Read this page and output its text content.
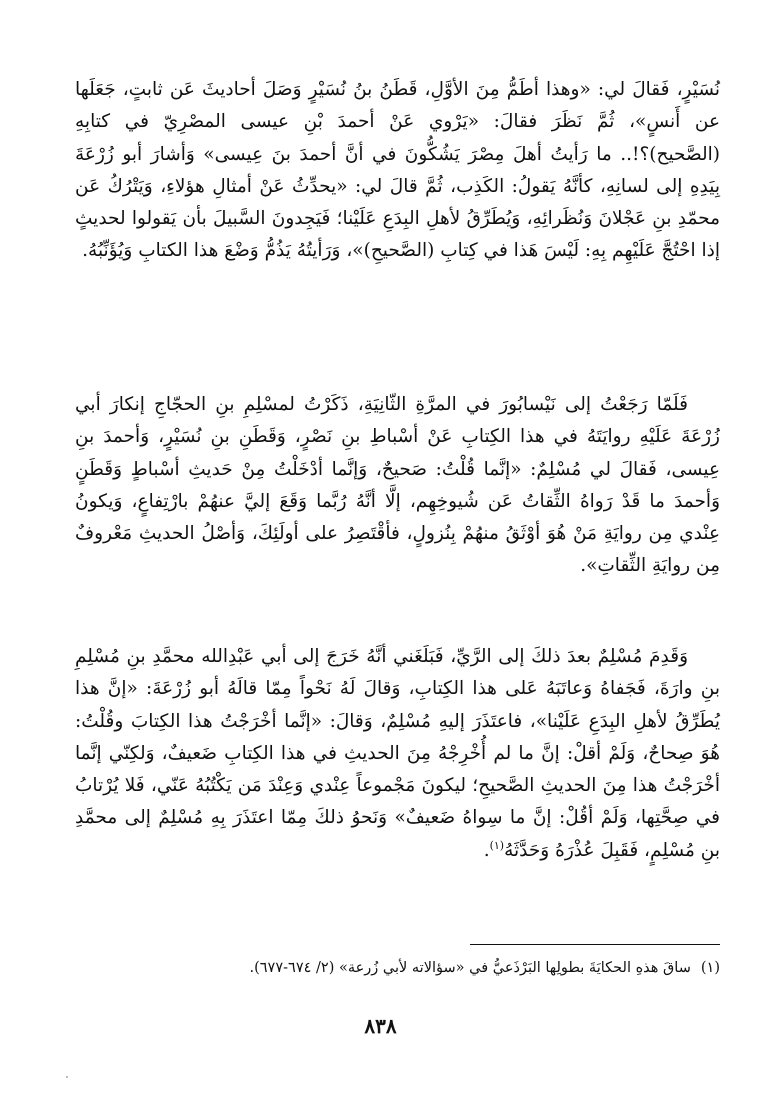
نُسَيْرٍ، فَقالَ لي: «وهذا أطَمُّ مِنَ الأوَّلِ، قَطَنُ بنُ نُسَيْرٍ وَصَلَ أحاديثَ عَن ثابتٍ، جَعَلَها عن أَنسٍ»، ثُمَّ نَظَرَ فقالَ: «يَرْوي عَنْ أحمدَ بْنِ عيسى المصْرِيّ في كتابِهِ (الصَّحيح)؟!.. ما رَأيتُ أهلَ مِصْرَ يَشُكُّونَ في أنَّ أحمدَ بنَ عِيسى» وَأشارَ أبو زُرْعَةَ بِيَدِهِ إلى لسانِهِ، كأنَّهُ يَقولُ: الكَذِب، ثُمَّ قالَ لي: «يحدِّثُ عَنْ أمثالِ هؤلاءِ، وَيَتْرُكُ عَن محمّدِ بنِ عَجْلانَ وَنُظَرائِهِ، وَيُطَرِّقُ لأهلِ البِدَعِ عَلَيْنا؛ فَيَجِدونَ السَّبيلَ بأن يَقولوا لحديثٍ إذا احْتُجَّ عَلَيْهِم بِهِ: لَيْسَ هَذا في كِتابِ (الصَّحيحِ)»، وَرَأيتُهُ يَذُمُّ وَضْعَ هذا الكتابِ وَيُؤَنِّبُهُ.

فَلَمّا رَجَعْتُ إلى نَيْسابُورَ في المرَّةِ الثّانِيَةِ، ذَكَرْتُ لمسْلِمِ بنِ الحجّاجِ إنكارَ أبي زُرْعَةَ عَلَيْهِ روايَتَهُ في هذا الكِتابِ عَنْ أسْباطِ بنِ نَصْرٍ، وَقَطَنِ بنِ نُسَيْرٍ، وَأحمدَ بنِ عِيسى، فَقالَ لي مُسْلِمٌ: «إنَّما قُلْتُ: صَحيحٌ، وَإنَّما أدْخَلْتُ مِنْ حَديثِ أسْباطٍ وَقَطَنٍ وَأحمدَ ما قَدْ رَواهُ الثِّقاتُ عَن شُيوخِهِم، إلَّا أنَّهُ رُبَّما وَقَعَ إليَّ عنهُمْ بارْتِفاعٍ، وَيكونُ عِنْدي مِن روايَةِ مَنْ هُوَ أوْثَقُ منهُمْ بِنُزولٍ، فأقْتَصِرُ على أولَئِكَ، وَأصْلُ الحديثِ مَعْروفٌ مِن روايَةِ الثِّقاتِ».

وَقَدِمَ مُسْلِمٌ بعدَ ذلكَ إلى الرَّيِّ، فَبَلَغَني أنَّهُ خَرَجَ إلى أبي عَبْدِالله محمَّدِ بنِ مُسْلِمِ بنِ وارَةَ، فَجَفاهُ وَعاتَبَهُ عَلى هذا الكِتابِ، وَقالَ لَهُ نَحْواً مِمّا قالَهُ أبو زُرْعَةَ: «إنَّ هذا يُطَرِّقُ لأهلِ البِدَعِ عَلَيْنا»، فاعتَذَرَ إليهِ مُسْلِمٌ، وَقالَ: «إنَّما أخْرَجْتُ هذا الكِتابَ وقُلْتُ: هُوَ صِحاحٌ، وَلَمْ أقلْ: إنَّ ما لم أُخْرِجْهُ مِنَ الحديثِ في هذا الكِتابِ ضَعيفٌ، وَلكِنّي إنَّما أخْرَجْتُ هذا مِنَ الحديثِ الصَّحيحِ؛ ليكونَ مَجْموعاً عِنْدي وَعِنْدَ مَن يَكْتُبُهُ عَنّي، فَلا يُرْتابُ في صِحَّتِها، وَلَمْ أقُلْ: إنَّ ما سِواهُ ضَعيفٌ» وَنَحوُ ذلكَ مِمّا اعتَذَرَ بِهِ مُسْلِمٌ إلى محمَّدِ بنِ مُسْلِمٍ، فَقَبِلَ عُذْرَهُ وَحَدَّثَهُ$^{(١)}$.

(١)ساقَ هذهِ الحكايَةَ بطولِها البَرْذَعيُّ في «سؤالاته لأبي زُرعة» (٢/ ٦٧٤-٦٧٧).
٨٣٨
